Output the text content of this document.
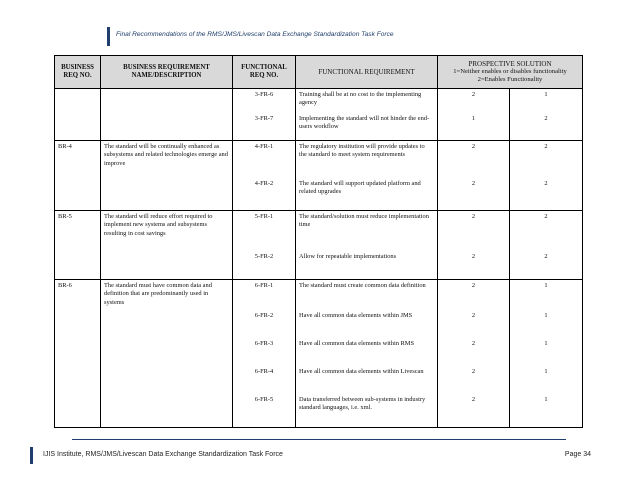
Final Recommendations of the RMS/JMS/Livescan Data Exchange Standardization Task Force
BUSINESS REQ NO.	BUSINESS REQUIREMENT NAME/DESCRIPTION	FUNCTIONAL REQ NO.	FUNCTIONAL REQUIREMENT	PROSPECTIVE SOLUTION
1=Neither enables or disables functionality
2=Enables Functionality	

		3-FR-6	Training shall be at no cost to the implementing agency	2	1
		3-FR-7	Implementing the standard will not hinder the end-users workflow	1	2
BR-4	The standard will be continually enhanced as subsystems and related technologies emerge and improve	4-FR-1	The regulatory institution will provide updates to the standard to meet system requirements	2	2
		4-FR-2	The standard will support updated platform and related upgrades	2	2
BR-5	The standard will reduce effort required to implement new systems and subsystems resulting in cost savings	5-FR-1	The standard/solution must reduce implementation time	2	2
		5-FR-2	Allow for repeatable implementations	2	2
BR-6	The standard must have common data and definition that are predominantly used in systems	6-FR-1	The standard must create common data definition	2	1
		6-FR-2	Have all common data elements within JMS	2	1
		6-FR-3	Have all common data elements within RMS	2	1
		6-FR-4	Have all common data elements within Livescan	2	1
		6-FR-5	Data transferred between sub-systems in industry standard languages, i.e. xml.	2	1
IJIS Institute, RMS/JMS/Livescan Data Exchange Standardization Task Force	Page 34
